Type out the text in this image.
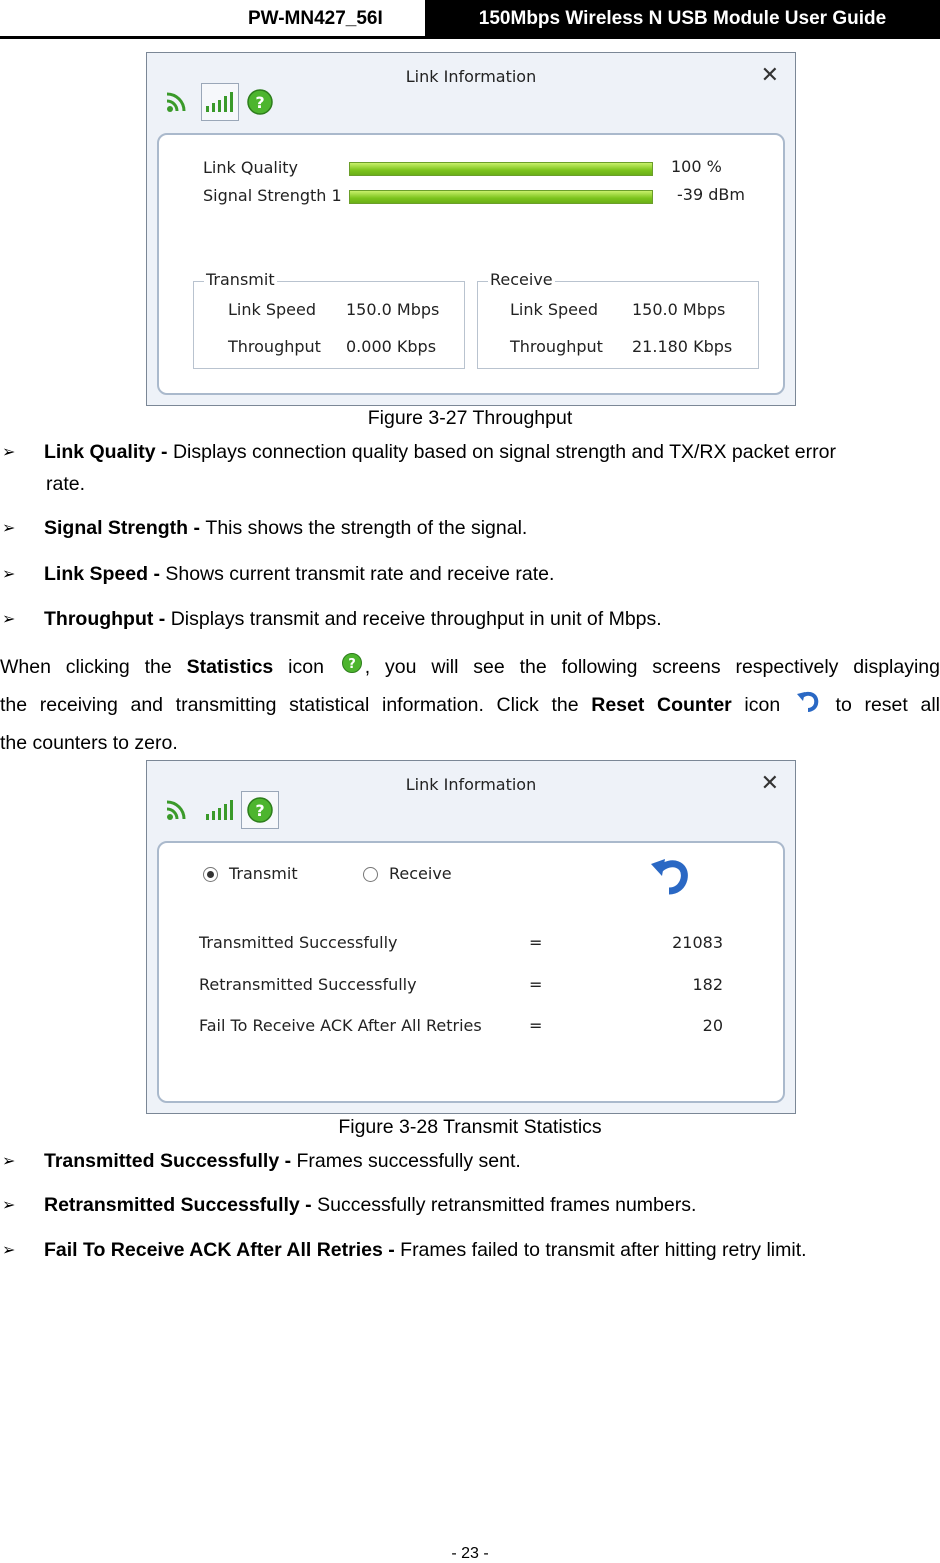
PW-MN427_56I	150Mbps Wireless N USB Module User Guide
Link Information	✕
?
Link Quality	100 %
Signal Strength 1	-39 dBm
Transmit
Link Speed 150.0 Mbps
Throughput 0.000 Kbps
Receive
Link Speed 150.0 Mbps
Throughput 21.180 Kbps
Figure 3-27 Throughput
➢ Link Quality - Displays connection quality based on signal strength and TX/RX packet error
rate.
➢ Signal Strength - This shows the strength of the signal.
➢ Link Speed - Shows current transmit rate and receive rate.
➢ Throughput - Displays transmit and receive throughput in unit of Mbps.
When clicking the Statistics icon ? , you will see the following screens respectively displaying
the receiving and transmitting statistical information. Click the Reset Counter icon  to reset all
the counters to zero.
Link Information	✕
?
Transmit	Receive
Transmitted Successfully	=	21083
Retransmitted Successfully	=	182
Fail To Receive ACK After All Retries	=	20
Figure 3-28 Transmit Statistics
➢ Transmitted Successfully - Frames successfully sent.
➢ Retransmitted Successfully - Successfully retransmitted frames numbers.
➢ Fail To Receive ACK After All Retries - Frames failed to transmit after hitting retry limit.
- 23 -
